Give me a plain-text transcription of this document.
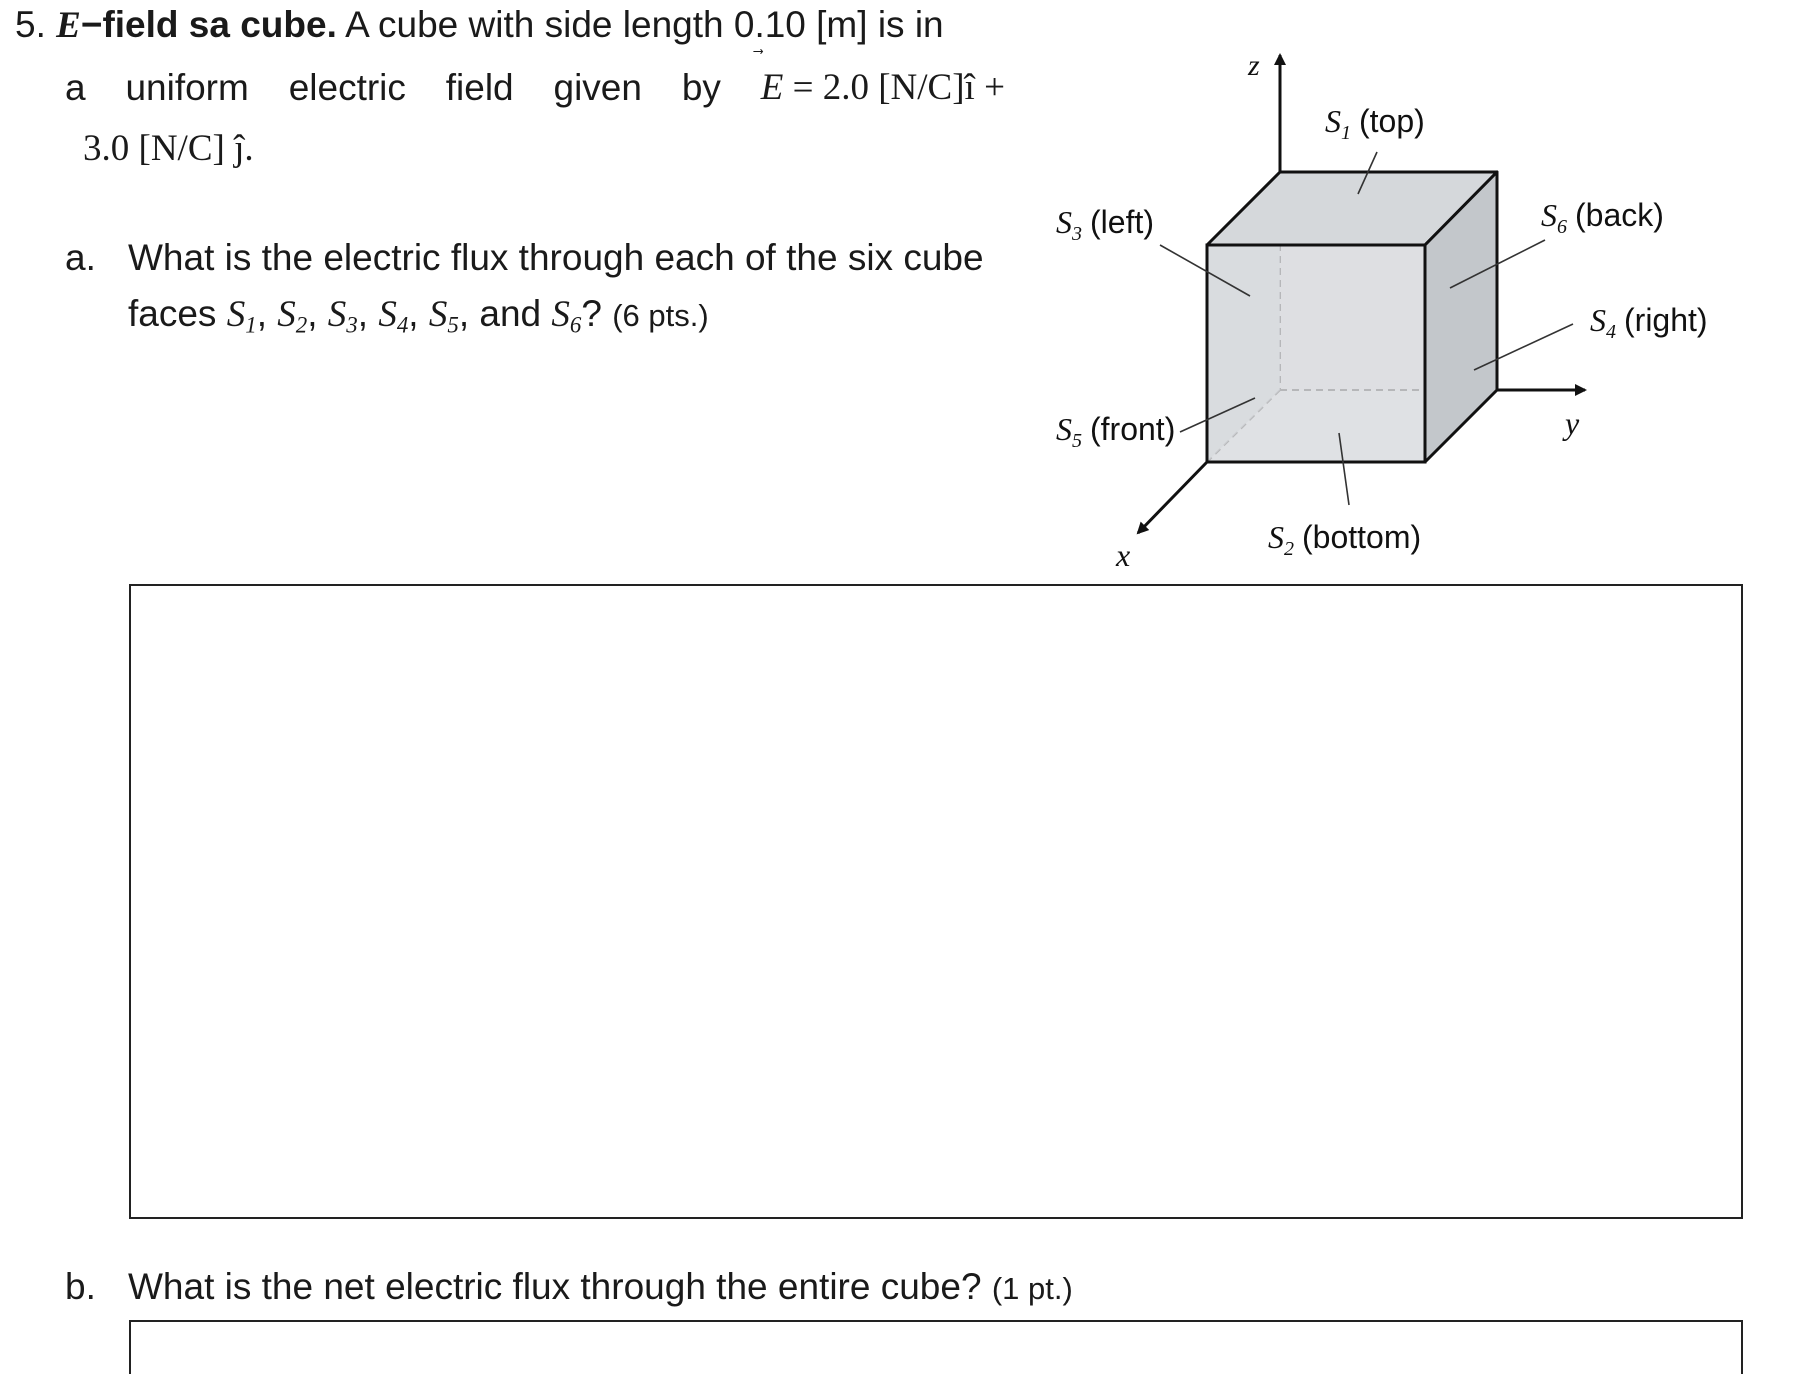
5. E−field sa cube. A cube with side length 0.10 [m] is in
a uniform electric field given by E = 2.0 [N/C]î +
3.0 [N/C] ĵ.
a. What is the electric flux through each of the six cube
faces $S_1$, $S_2$, $S_3$, $S_4$, $S_5$, and $S_6$? (6 pts.)
z
y
x
$S_1$ (top)
$S_3$ (left)	$S_6$ (back)
$S_4$ (right)
$S_5$ (front)
$S_2$ (bottom)
b. What is the net electric flux through the entire cube? (1 pt.)
